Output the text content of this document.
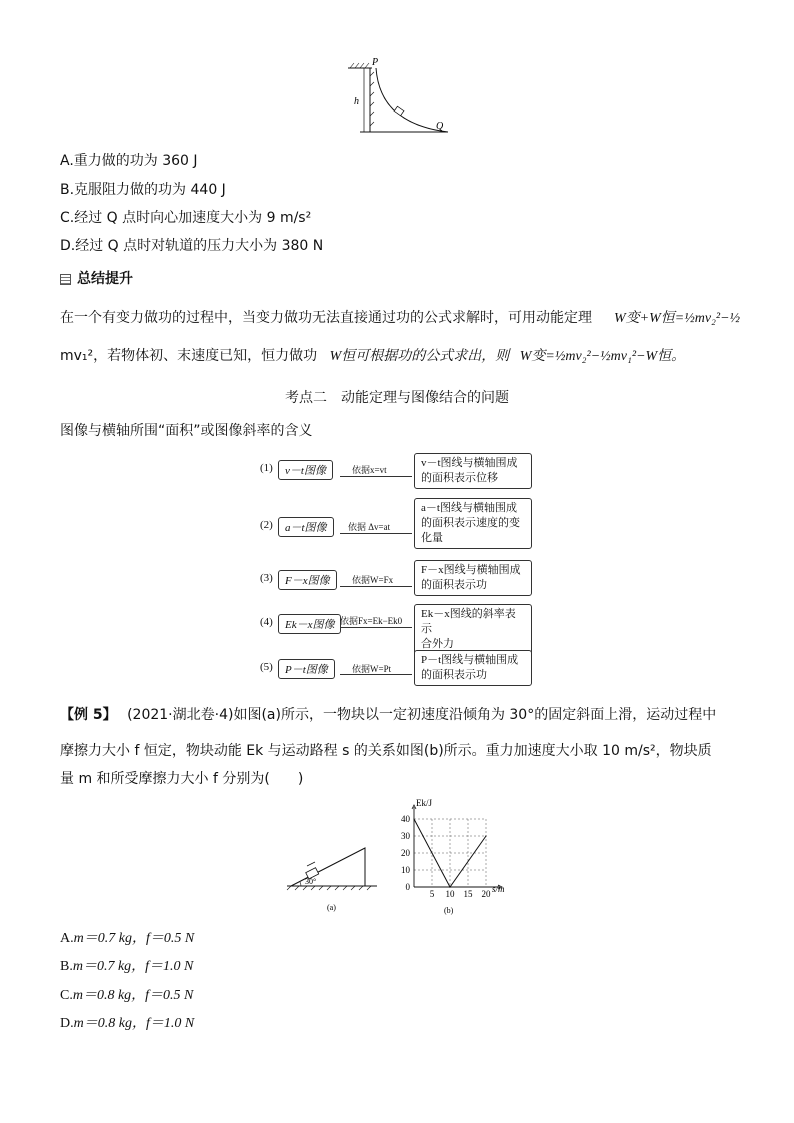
h
P
Q
A.重力做的功为 360 J
B.克服阻力做的功为 440 J
C.经过 Q 点时向心加速度大小为 9 m/s²
D.经过 Q 点时对轨道的压力大小为 380 N
总结提升
在一个有变力做功的过程中，当变力做功无法直接通过功的公式求解时，可用动能定理 W变+W恒=½mv₂²−½
mv₁²，若物体初、末速度已知，恒力做功 W恒可根据功的公式求出，则 W变=½mv₂²−½mv₁²−W恒。
考点二　动能定理与图像结合的问题
图像与横轴所围“面积”或图像斜率的含义
(1)	v－t图像	依据x=vt
v－t图线与横轴围成
的面积表示位移
(2)	a－t图像	依据 Δv=at
a－t图线与横轴围成
的面积表示速度的变
化量
(3)	F－x图像	依据W=Fx
F－x图线与横轴围成
的面积表示功
(4)	Ek－x图像 依据Fx=Ek−Ek0
Ek－x图线的斜率表示
合外力
(5)	P－t图像	依据W=Pt
P－t图线与横轴围成
的面积表示功
【例 5】 (2021·湖北卷·4)如图(a)所示，一物块以一定初速度沿倾角为 30°的固定斜面上滑，运动过程中
摩擦力大小 f 恒定，物块动能 Ek 与运动路程 s 的关系如图(b)所示。重力加速度大小取 10 m/s²，物块质
量 m 和所受摩擦力大小 f 分别为(　　)
30°
(a)
Ek/J
s/m
(b)
0
10
20
30
40
5 10 15 20
A.m＝0.7 kg，f＝0.5 N
B.m＝0.7 kg，f＝1.0 N
C.m＝0.8 kg，f＝0.5 N
D.m＝0.8 kg，f＝1.0 N
